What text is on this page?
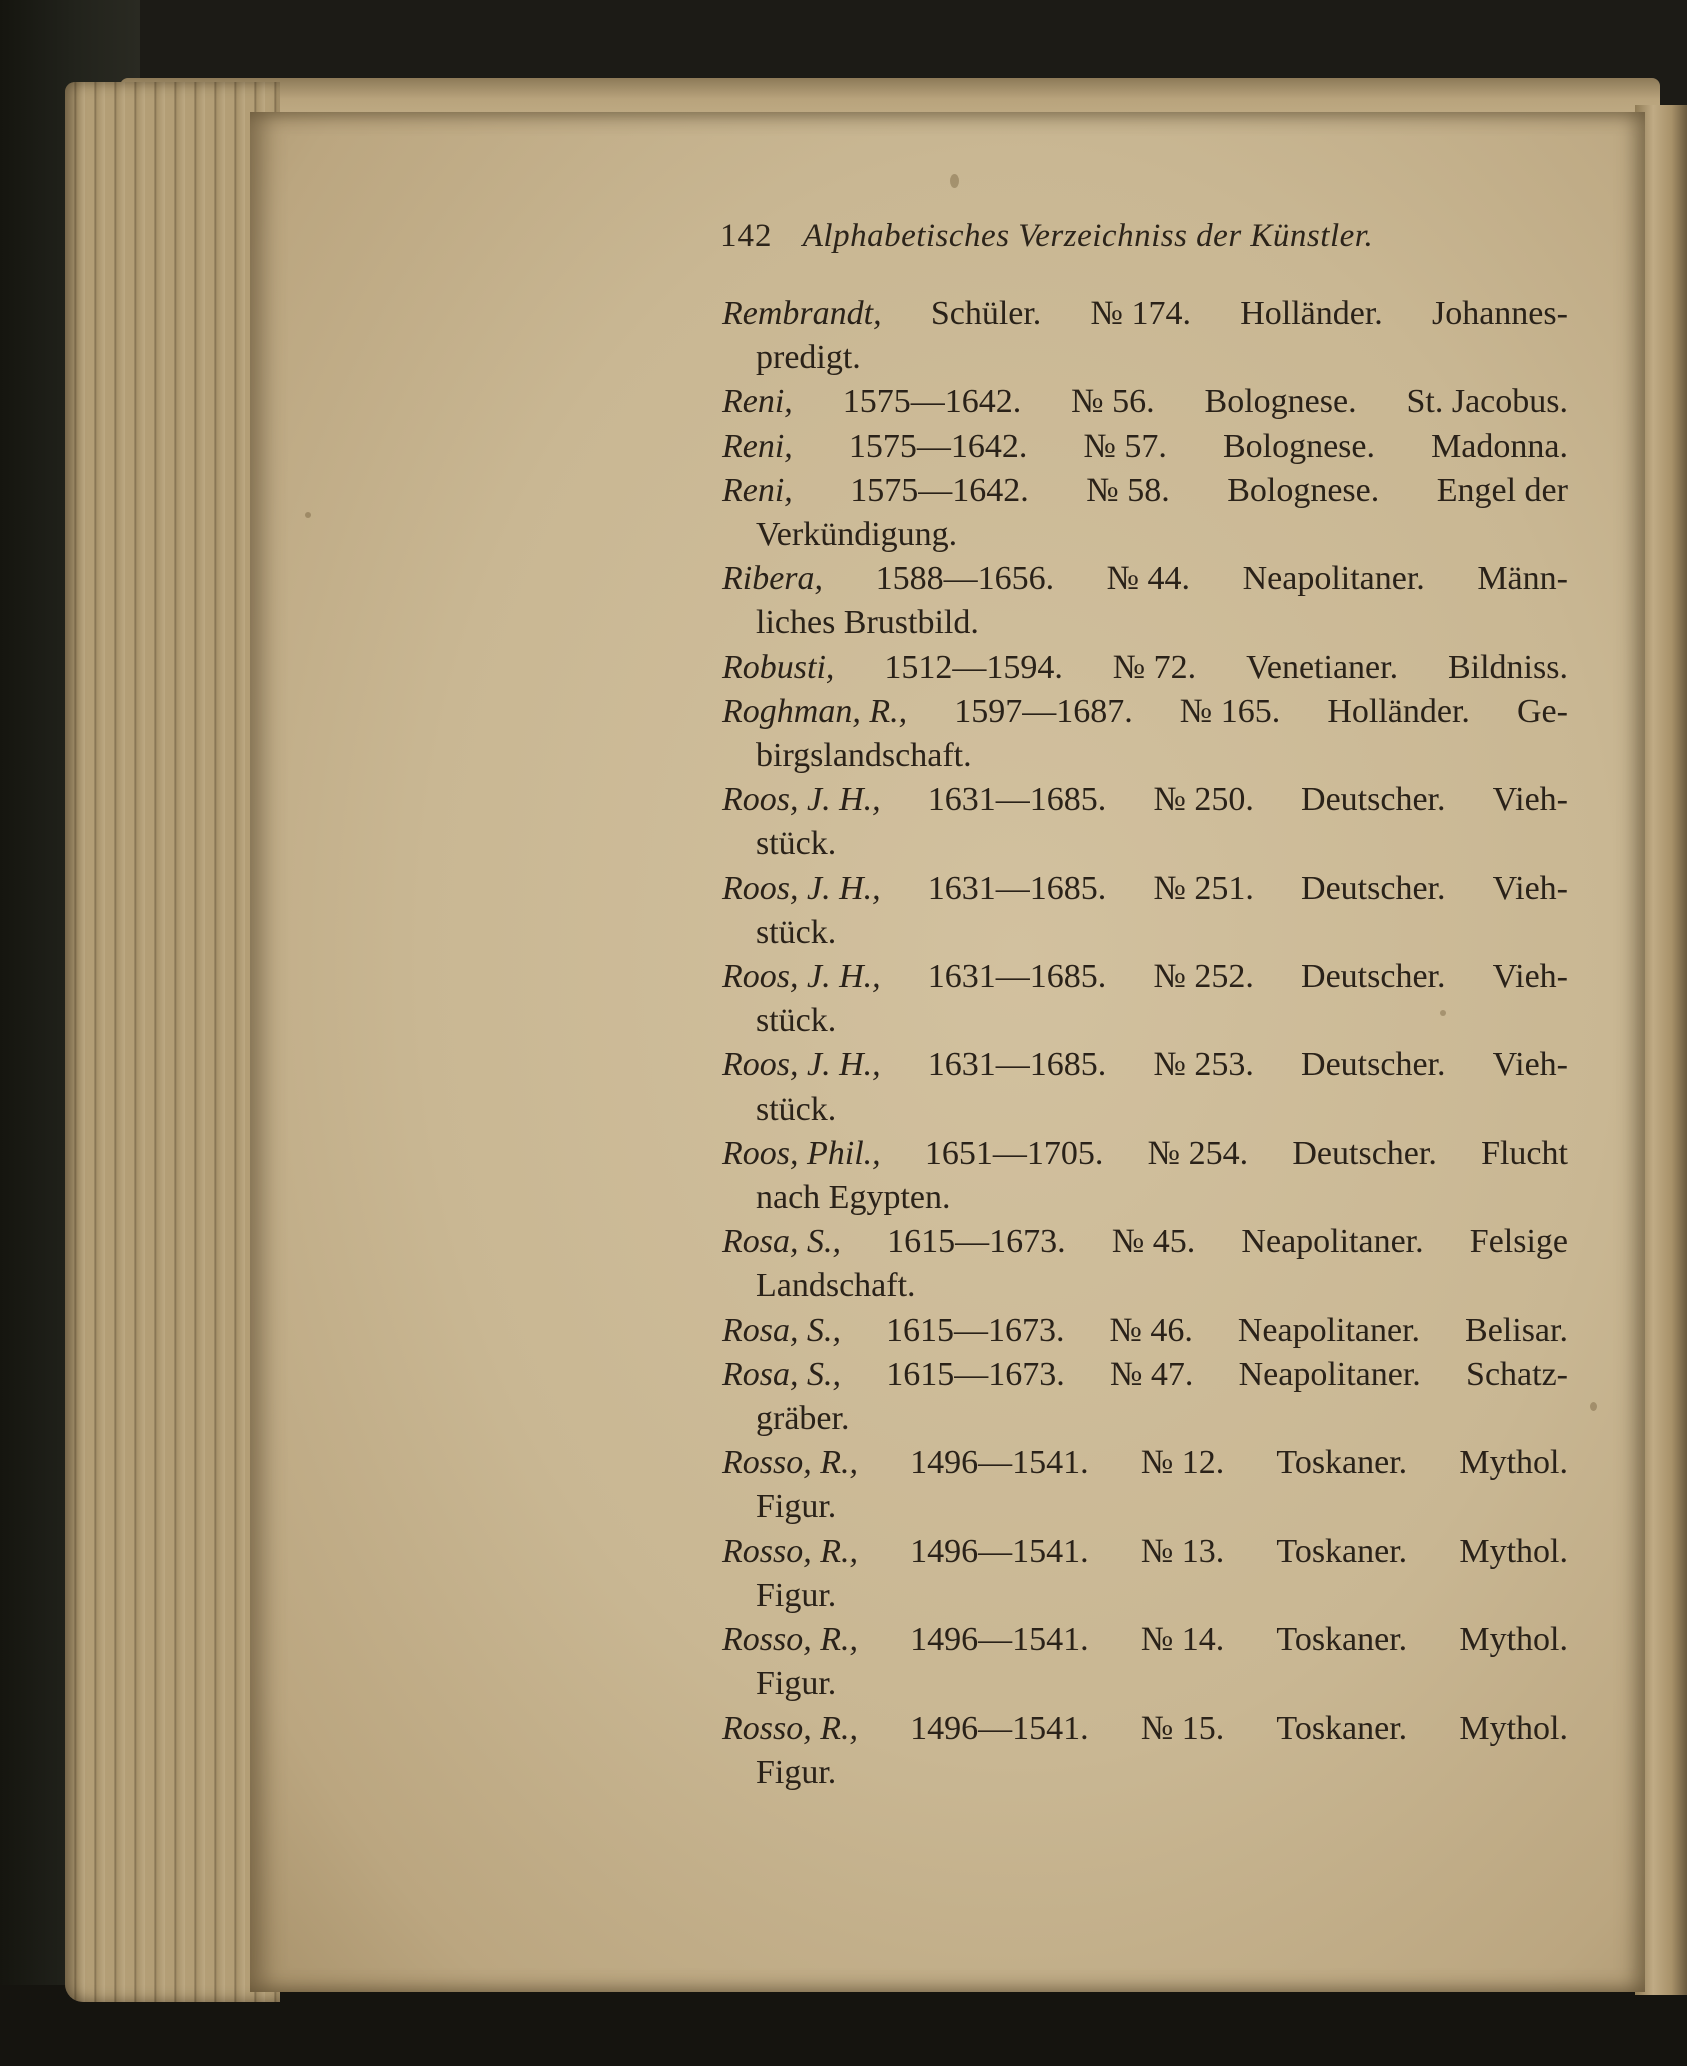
142 Alphabetisches Verzeichniss der Künstler.
Rembrandt, Schüler. № 174. Holländer. Johannes-
predigt.
Reni, 1575—1642. № 56. Bolognese. St. Jacobus.
Reni, 1575—1642. № 57. Bolognese. Madonna.
Reni, 1575—1642. № 58. Bolognese. Engel der
Verkündigung.
Ribera, 1588—1656. № 44. Neapolitaner. Männ-
liches Brustbild.
Robusti, 1512—1594. № 72. Venetianer. Bildniss.
Roghman, R., 1597—1687. № 165. Holländer. Ge-
birgslandschaft.
Roos, J. H., 1631—1685. № 250. Deutscher. Vieh-
stück.
Roos, J. H., 1631—1685. № 251. Deutscher. Vieh-
stück.
Roos, J. H., 1631—1685. № 252. Deutscher. Vieh-
stück.
Roos, J. H., 1631—1685. № 253. Deutscher. Vieh-
stück.
Roos, Phil., 1651—1705. № 254. Deutscher. Flucht
nach Egypten.
Rosa, S., 1615—1673. № 45. Neapolitaner. Felsige
Landschaft.
Rosa, S., 1615—1673. № 46. Neapolitaner. Belisar.
Rosa, S., 1615—1673. № 47. Neapolitaner. Schatz-
gräber.
Rosso, R., 1496—1541. № 12. Toskaner. Mythol.
Figur.
Rosso, R., 1496—1541. № 13. Toskaner. Mythol.
Figur.
Rosso, R., 1496—1541. № 14. Toskaner. Mythol.
Figur.
Rosso, R., 1496—1541. № 15. Toskaner. Mythol.
Figur.
